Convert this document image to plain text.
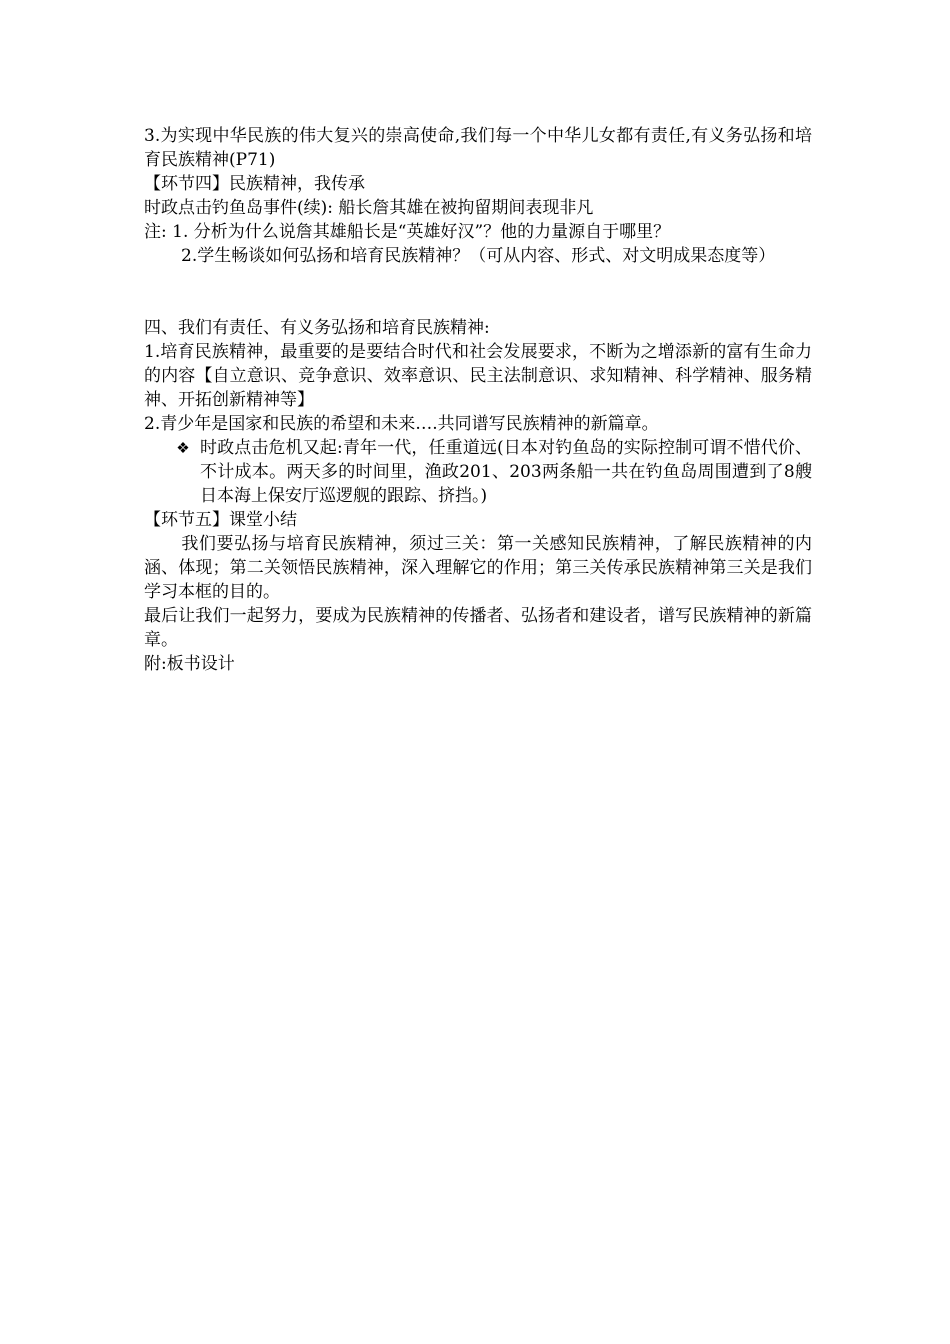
3.为实现中华民族的伟大复兴的崇高使命,我们每一个中华儿女都有责任,有义务弘扬和培育民族精神(P71)

【环节四】民族精神，我传承

时政点击钓鱼岛事件(续): 船长詹其雄在被拘留期间表现非凡

注: 1. 分析为什么说詹其雄船长是“英雄好汉”？他的力量源自于哪里？

2.学生畅谈如何弘扬和培育民族精神？（可从内容、形式、对文明成果态度等）

四、我们有责任、有义务弘扬和培育民族精神:

1.培育民族精神，最重要的是要结合时代和社会发展要求，不断为之增添新的富有生命力的内容【自立意识、竞争意识、效率意识、民主法制意识、求知精神、科学精神、服务精神、开拓创新精神等】

2.青少年是国家和民族的希望和未来….共同谱写民族精神的新篇章。

❖ 时政点击危机又起:青年一代，任重道远(日本对钓鱼岛的实际控制可谓不惜代价、不计成本。两天多的时间里，渔政201、203两条船一共在钓鱼岛周围遭到了8艘日本海上保安厅巡逻舰的跟踪、挤挡。)

【环节五】课堂小结

我们要弘扬与培育民族精神，须过三关：第一关感知民族精神，了解民族精神的内涵、体现；第二关领悟民族精神，深入理解它的作用；第三关传承民族精神第三关是我们学习本框的目的。

最后让我们一起努力，要成为民族精神的传播者、弘扬者和建设者，谱写民族精神的新篇章。

附:板书设计
